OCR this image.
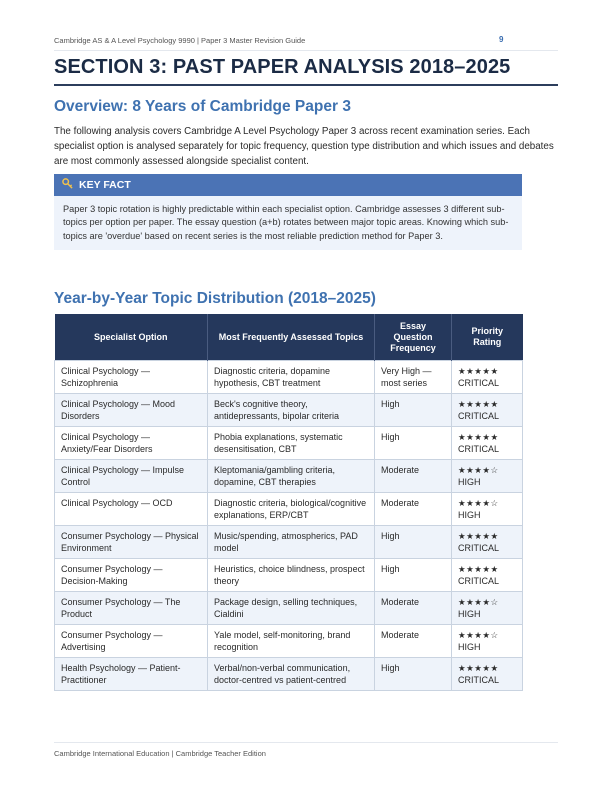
Cambridge AS & A Level Psychology 9990 | Paper 3 Master Revision Guide	9
SECTION 3: PAST PAPER ANALYSIS 2018–2025
Overview: 8 Years of Cambridge Paper 3

The following analysis covers Cambridge A Level Psychology Paper 3 across recent examination series. Each specialist option is analysed separately for topic frequency, question type distribution and which issues and debates are most commonly assessed alongside specialist content.

KEY FACT
Paper 3 topic rotation is highly predictable within each specialist option. Cambridge assesses 3 different sub-topics per option per paper. The essay question (a+b) rotates between major topic areas. Knowing which sub-topics are 'overdue' based on recent series is the most reliable prediction method for Paper 3.
Year-by-Year Topic Distribution (2018–2025)
Specialist Option	Most Frequently Assessed Topics	Essay Question Frequency	Priority Rating
Clinical Psychology — Schizophrenia	Diagnostic criteria, dopamine hypothesis, CBT treatment	Very High — most series	★★★★★
CRITICAL

Clinical Psychology — Mood Disorders	Beck's cognitive theory, antidepressants, bipolar criteria	High	★★★★★
CRITICAL

Clinical Psychology — Anxiety/Fear Disorders	Phobia explanations, systematic desensitisation, CBT	High	★★★★★
CRITICAL

Clinical Psychology — Impulse Control	Kleptomania/gambling criteria, dopamine, CBT therapies	Moderate	★★★★☆
HIGH

Clinical Psychology — OCD	Diagnostic criteria, biological/cognitive explanations, ERP/CBT	Moderate	★★★★☆
HIGH

Consumer Psychology — Physical Environment	Music/spending, atmospherics, PAD model	High	★★★★★
CRITICAL

Consumer Psychology — Decision-Making	Heuristics, choice blindness, prospect theory	High	★★★★★
CRITICAL

Consumer Psychology — The Product	Package design, selling techniques, Cialdini	Moderate	★★★★☆
HIGH

Consumer Psychology — Advertising	Yale model, self-monitoring, brand recognition	Moderate	★★★★☆
HIGH

Health Psychology — Patient-Practitioner	Verbal/non-verbal communication, doctor-centred vs patient-centred	High	★★★★★
CRITICAL
Cambridge International Education | Cambridge Teacher Edition
